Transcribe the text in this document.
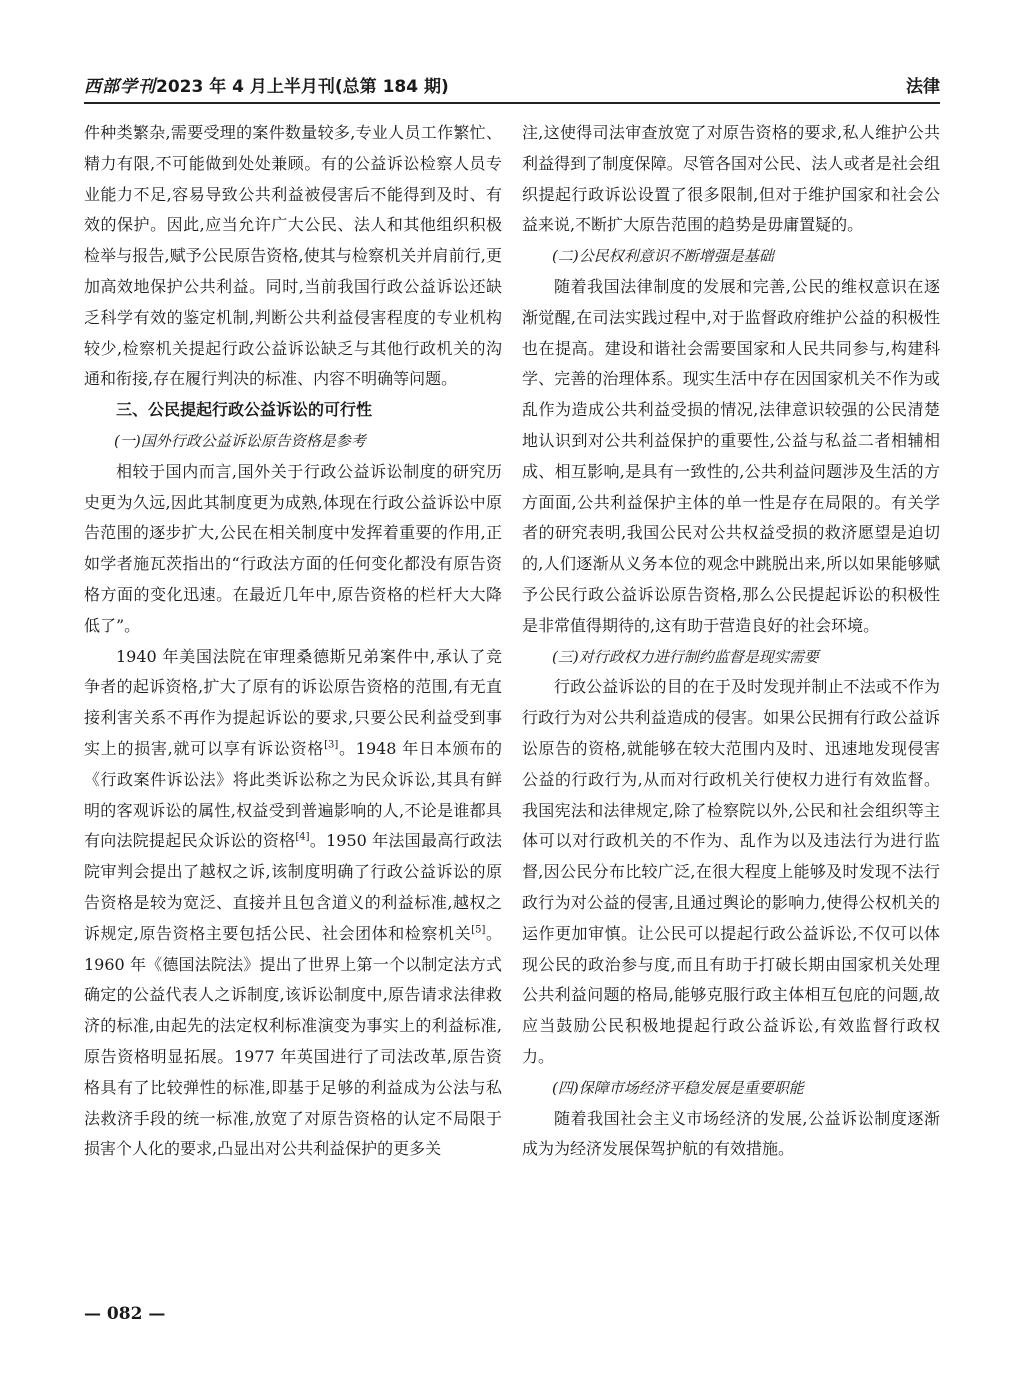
西部学刊2023 年 4 月上半月刊(总第 184 期)	法律

件种类繁杂,需要受理的案件数量较多,专业人员工作繁忙、精力有限,不可能做到处处兼顾。有的公益诉讼检察人员专业能力不足,容易导致公共利益被侵害后不能得到及时、有效的保护。因此,应当允许广大公民、法人和其他组织积极检举与报告,赋予公民原告资格,使其与检察机关并肩前行,更加高效地保护公共利益。同时,当前我国行政公益诉讼还缺乏科学有效的鉴定机制,判断公共利益侵害程度的专业机构较少,检察机关提起行政公益诉讼缺乏与其他行政机关的沟通和衔接,存在履行判决的标准、内容不明确等问题。

三、公民提起行政公益诉讼的可行性
(一)国外行政公益诉讼原告资格是参考

相较于国内而言,国外关于行政公益诉讼制度的研究历史更为久远,因此其制度更为成熟,体现在行政公益诉讼中原告范围的逐步扩大,公民在相关制度中发挥着重要的作用,正如学者施瓦茨指出的“行政法方面的任何变化都没有原告资格方面的变化迅速。在最近几年中,原告资格的栏杆大大降低了”。

1940 年美国法院在审理桑德斯兄弟案件中,承认了竞争者的起诉资格,扩大了原有的诉讼原告资格的范围,有无直接利害关系不再作为提起诉讼的要求,只要公民利益受到事实上的损害,就可以享有诉讼资格[3]。1948 年日本颁布的《行政案件诉讼法》将此类诉讼称之为民众诉讼,其具有鲜明的客观诉讼的属性,权益受到普遍影响的人,不论是谁都具有向法院提起民众诉讼的资格[4]。1950 年法国最高行政法院审判会提出了越权之诉,该制度明确了行政公益诉讼的原告资格是较为宽泛、直接并且包含道义的利益标准,越权之诉规定,原告资格主要包括公民、社会团体和检察机关[5]。1960 年《德国法院法》提出了世界上第一个以制定法方式确定的公益代表人之诉制度,该诉讼制度中,原告请求法律救济的标准,由起先的法定权利标准演变为事实上的利益标准,原告资格明显拓展。1977 年英国进行了司法改革,原告资格具有了比较弹性的标准,即基于足够的利益成为公法与私法救济手段的统一标准,放宽了对原告资格的认定不局限于损害个人化的要求,凸显出对公共利益保护的更多关

注,这使得司法审查放宽了对原告资格的要求,私人维护公共利益得到了制度保障。尽管各国对公民、法人或者是社会组织提起行政诉讼设置了很多限制,但对于维护国家和社会公益来说,不断扩大原告范围的趋势是毋庸置疑的。

(二)公民权利意识不断增强是基础

随着我国法律制度的发展和完善,公民的维权意识在逐渐觉醒,在司法实践过程中,对于监督政府维护公益的积极性也在提高。建设和谐社会需要国家和人民共同参与,构建科学、完善的治理体系。现实生活中存在因国家机关不作为或乱作为造成公共利益受损的情况,法律意识较强的公民清楚地认识到对公共利益保护的重要性,公益与私益二者相辅相成、相互影响,是具有一致性的,公共利益问题涉及生活的方方面面,公共利益保护主体的单一性是存在局限的。有关学者的研究表明,我国公民对公共权益受损的救济愿望是迫切的,人们逐渐从义务本位的观念中跳脱出来,所以如果能够赋予公民行政公益诉讼原告资格,那么公民提起诉讼的积极性是非常值得期待的,这有助于营造良好的社会环境。

(三)对行政权力进行制约监督是现实需要

行政公益诉讼的目的在于及时发现并制止不法或不作为行政行为对公共利益造成的侵害。如果公民拥有行政公益诉讼原告的资格,就能够在较大范围内及时、迅速地发现侵害公益的行政行为,从而对行政机关行使权力进行有效监督。我国宪法和法律规定,除了检察院以外,公民和社会组织等主体可以对行政机关的不作为、乱作为以及违法行为进行监督,因公民分布比较广泛,在很大程度上能够及时发现不法行政行为对公益的侵害,且通过舆论的影响力,使得公权机关的运作更加审慎。让公民可以提起行政公益诉讼,不仅可以体现公民的政治参与度,而且有助于打破长期由国家机关处理公共利益问题的格局,能够克服行政主体相互包庇的问题,故应当鼓励公民积极地提起行政公益诉讼,有效监督行政权力。

(四)保障市场经济平稳发展是重要职能

随着我国社会主义市场经济的发展,公益诉讼制度逐渐成为为经济发展保驾护航的有效措施。

— 082 —
